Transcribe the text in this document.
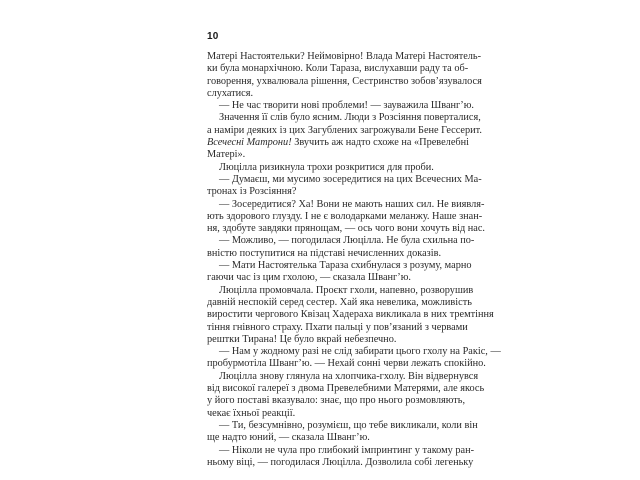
10
Матері Настоятельки? Неймовірно! Влада Матері Настоятель-
ки була монархічною. Коли Тараза, вислухавши раду та об-
говорення, ухвалювала рішення, Сестринство зобов’язувалося
слухатися.
— Не час творити нові проблеми! — зауважила Швангʼю.
Значення її слів було ясним. Люди з Розсіяння поверталися,
а наміри деяких із цих Загублених загрожували Бене Гессерит.
Всечесні Матрони! Звучить аж надто схоже на «Превелебні
Матері».
Люцілла ризикнула трохи розкритися для проби.
— Думаєш, ми мусимо зосередитися на цих Всечесних Ма-
тронах із Розсіяння?
— Зосередитися? Ха! Вони не мають наших сил. Не виявля-
ють здорового глузду. І не є володарками меланжу. Наше знан-
ня, здобуте завдяки прянощам, — ось чого вони хочуть від нас.
— Можливо, — погодилася Люцілла. Не була схильна по-
вністю поступитися на підставі нечисленних доказів.
— Мати Настоятелька Тараза схибнулася з розуму, марно
гаючи час із цим гхолою, — сказала Швангʼю.
Люцілла промовчала. Проєкт гхоли, напевно, розворушив
давній неспокій серед сестер. Хай яка невелика, можливість
виростити чергового Квізац Хадераха викликала в них тремтіння
тіння гнівного страху. Пхати пальці у пов’язаний з червами
рештки Тирана! Це було вкрай небезпечно.
— Нам у жодному разі не слід забирати цього гхолу на Ракіс, —
пробурмотіла Швангʼю. — Нехай сонні черви лежать спокійно.
Люцілла знову глянула на хлопчика-гхолу. Він відвернувся
від високої галереї з двома Превелебними Матерями, але якось
у його поставі вказувало: знає, що про нього розмовляють,
чекає їхньої реакції.
— Ти, безсумнівно, розумієш, що тебе викликали, коли він
ще надто юний, — сказала Швангʼю.
— Ніколи не чула про глибокий імпринтинг у такому ран-
ньому віці, — погодилася Люцілла. Дозволила собі легеньку
